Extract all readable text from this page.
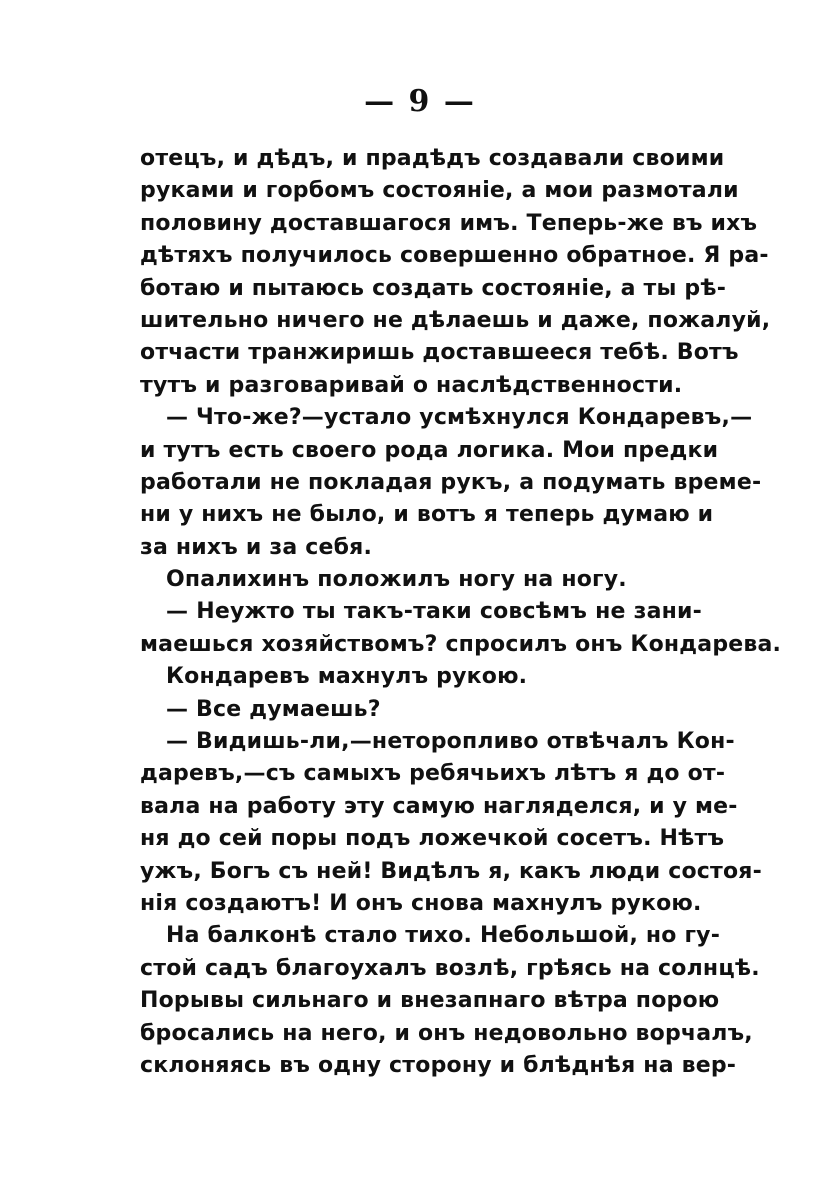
— 9 —
отецъ, и дѣдъ, и прадѣдъ создавали своими
руками и горбомъ состояніе, а мои размотали
половину доставшагося имъ. Теперь-же въ ихъ
дѣтяхъ получилось совершенно обратное. Я ра-
ботаю и пытаюсь создать состояніе, а ты рѣ-
шительно ничего не дѣлаешь и даже, пожалуй,
отчасти транжиришь доставшееся тебѣ. Вотъ
тутъ и разговаривай о наслѣдственности.
— Что-же?—устало усмѣхнулся Кондаревъ,—
и тутъ есть своего рода логика. Мои предки
работали не покладая рукъ, а подумать време-
ни у нихъ не было, и вотъ я теперь думаю и
за нихъ и за себя.
Опалихинъ положилъ ногу на ногу.
— Неужто ты такъ-таки совсѣмъ не зани-
маешься хозяйствомъ? спросилъ онъ Кондарева.
Кондаревъ махнулъ рукою.
— Все думаешь?
— Видишь-ли,—неторопливо отвѣчалъ Кон-
даревъ,—съ самыхъ ребячьихъ лѣтъ я до от-
вала на работу эту самую нагляделся, и у ме-
ня до сей поры подъ ложечкой сосетъ. Нѣтъ
ужъ, Богъ съ ней! Видѣлъ я, какъ люди состоя-
нія создаютъ! И онъ снова махнулъ рукою.
На балконѣ стало тихо. Небольшой, но гу-
стой садъ благоухалъ возлѣ, грѣясь на солнцѣ.
Порывы сильнаго и внезапнаго вѣтра порою
бросались на него, и онъ недовольно ворчалъ,
склоняясь въ одну сторону и блѣднѣя на вер-
